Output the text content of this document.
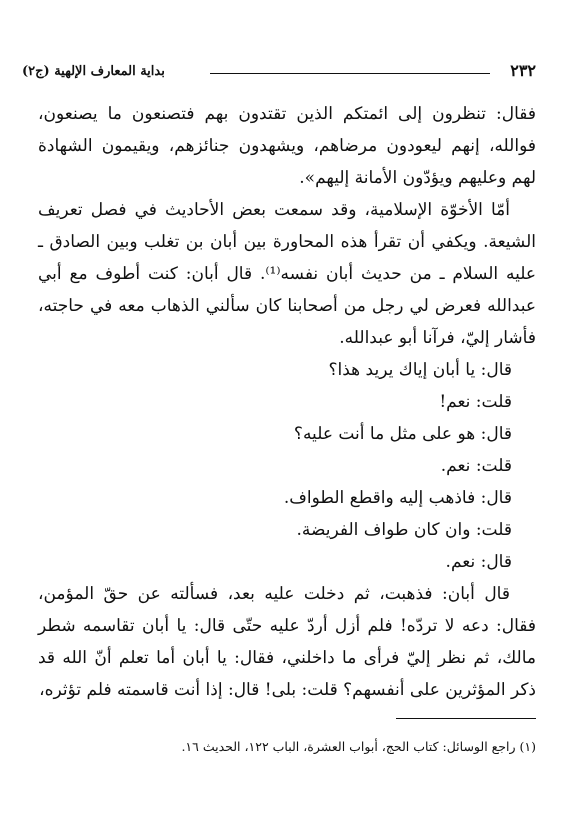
٢٣٢
بداية المعارف الإلهية (ج٢)

فقال: تنظرون إلى ائمتكم الذين تقتدون بهم فتصنعون ما يصنعون، فوالله، إنهم ليعودون مرضاهم، ويشهدون جنائزهم، ويقيمون الشهادة لهم وعليهم ويؤدّون الأمانة إليهم».

أمّا الأخوّة الإسلامية، وقد سمعت بعض الأحاديث في فصل تعريف الشيعة. ويكفي أن تقرأ هذه المحاورة بين أبان بن تغلب وبين الصادق ـ عليه السلام ـ من حديث أبان نفسه⁽¹⁾. قال أبان: كنت أطوف مع أبي عبدالله فعرض لي رجل من أصحابنا كان سألني الذهاب معه في حاجته، فأشار إليّ، فرآنا أبو عبدالله.

قال: يا أبان إياك يريد هذا؟

قلت: نعم!

قال: هو على مثل ما أنت عليه؟

قلت: نعم.

قال: فاذهب إليه واقطع الطواف.

قلت: وان كان طواف الفريضة.

قال: نعم.

قال أبان: فذهبت، ثم دخلت عليه بعد، فسألته عن حقّ المؤمن، فقال: دعه لا تردّه! فلم أزل أردّ عليه حتّى قال: يا أبان تقاسمه شطر مالك، ثم نظر إليّ فرأى ما داخلني، فقال: يا أبان أما تعلم أنّ الله قد ذكر المؤثرين على أنفسهم؟ قلت: بلى! قال: إذا أنت قاسمته فلم تؤثره،

(١) راجع الوسائل: كتاب الحج، أبواب العشرة، الباب ١٢٢، الحديث ١٦.
